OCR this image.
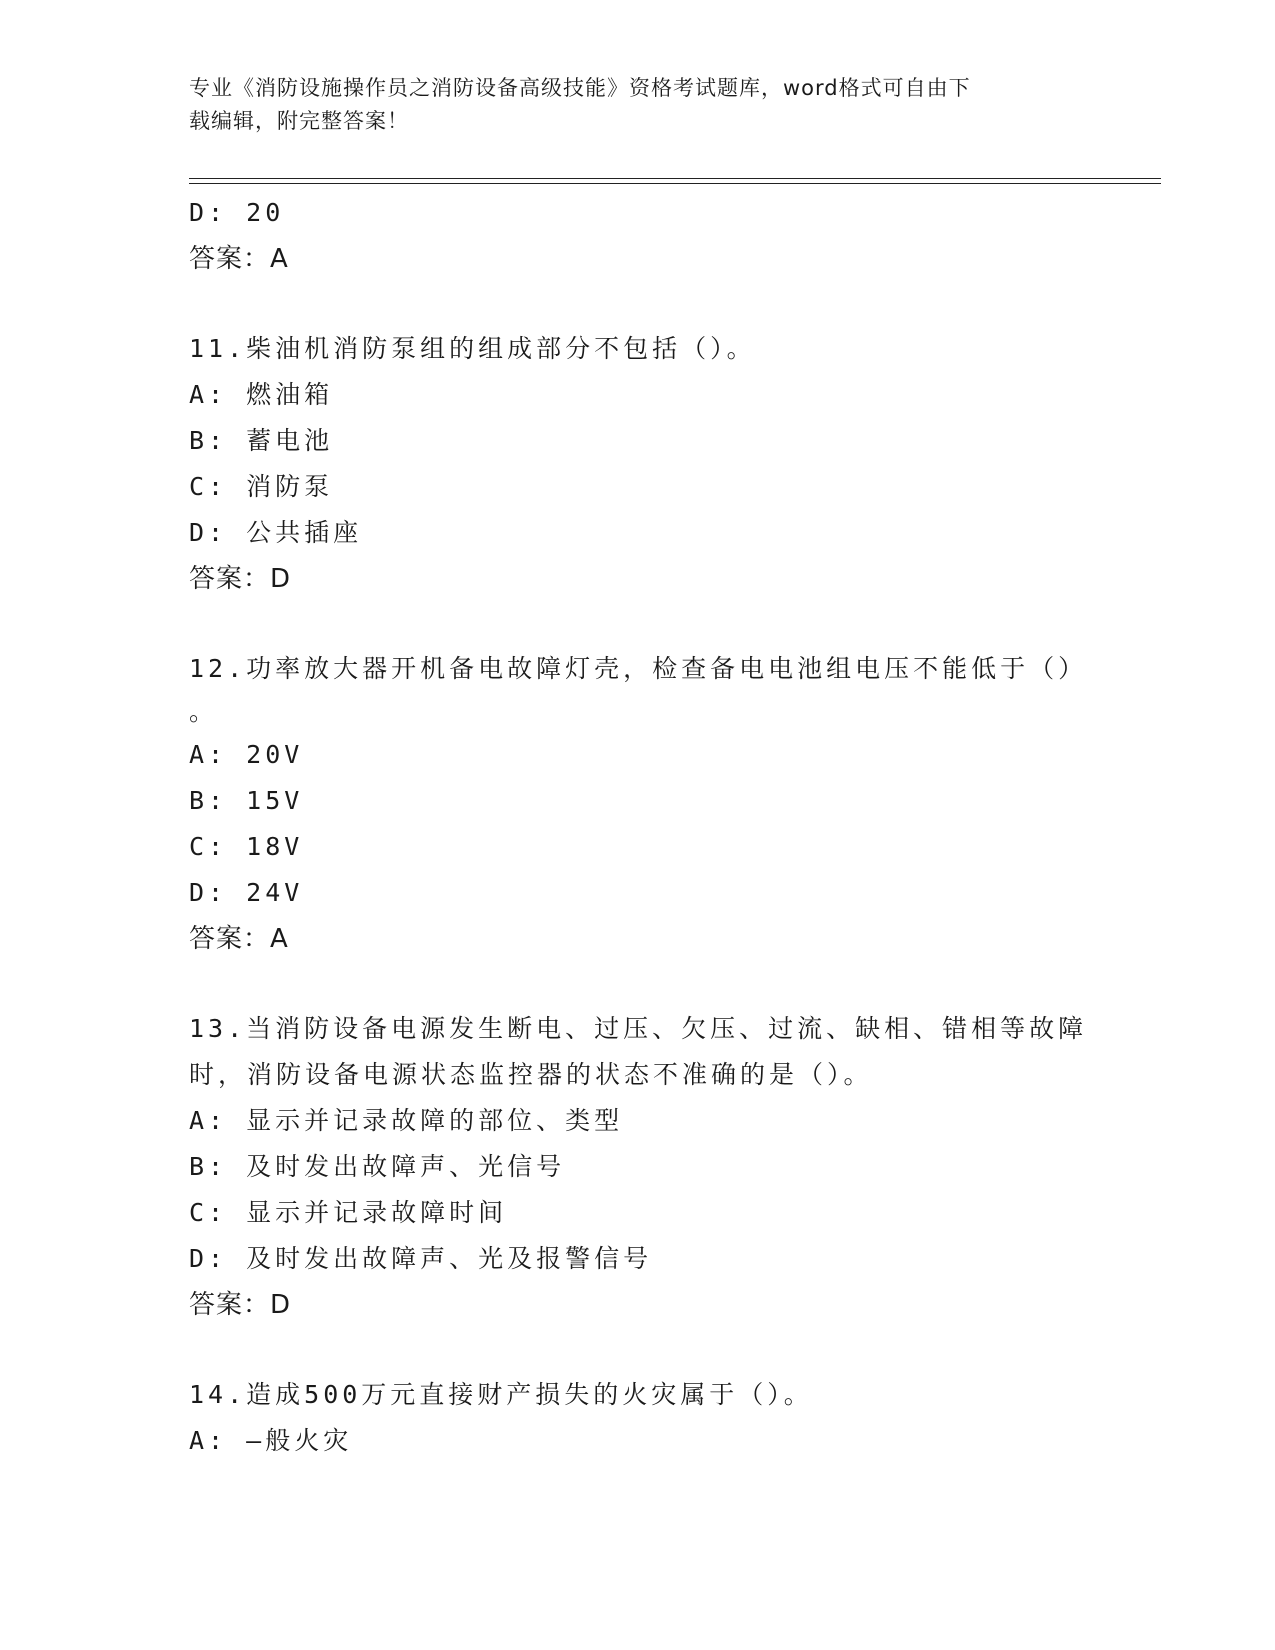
专业《消防设施操作员之消防设备高级技能》资格考试题库，word格式可自由下
载编辑，附完整答案！
D: 20
答案：A
11.柴油机消防泵组的组成部分不包括（）。
A: 燃油箱
B: 蓄电池
C: 消防泵
D: 公共插座
答案：D
12.功率放大器开机备电故障灯壳，检查备电电池组电压不能低于（）
。
A: 20V
B: 15V
C: 18V
D: 24V
答案：A
13.当消防设备电源发生断电、过压、欠压、过流、缺相、错相等故障
时，消防设备电源状态监控器的状态不准确的是（）。
A: 显示并记录故障的部位、类型
B: 及时发出故障声、光信号
C: 显示并记录故障时间
D: 及时发出故障声、光及报警信号
答案：D
14.造成500万元直接财产损失的火灾属于（）。
A: —般火灾
